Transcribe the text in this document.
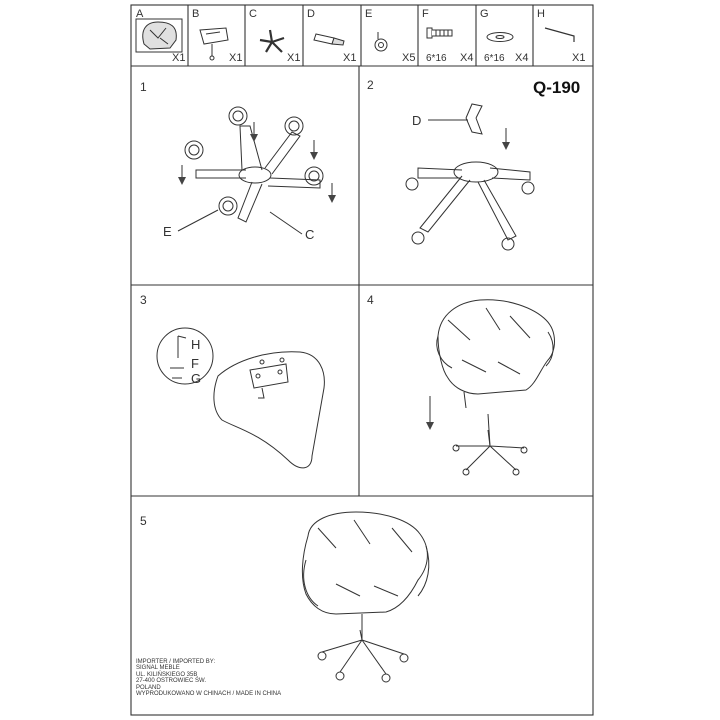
A
X1
B
X1
C
X1
D
X1
E
X5
F
6*16 X4
G
6*16 X4
H
X1
1
E	C
2	Q-190
D
3
H
F
G
4
5
IMPORTER / IMPORTED BY:
SIGNAL MEBLE
UL. KILIŃSKIEGO 35B
27-400 OSTROWIEC ŚW.
POLAND
WYPRODUKOWANO W CHINACH / MADE IN CHINA
